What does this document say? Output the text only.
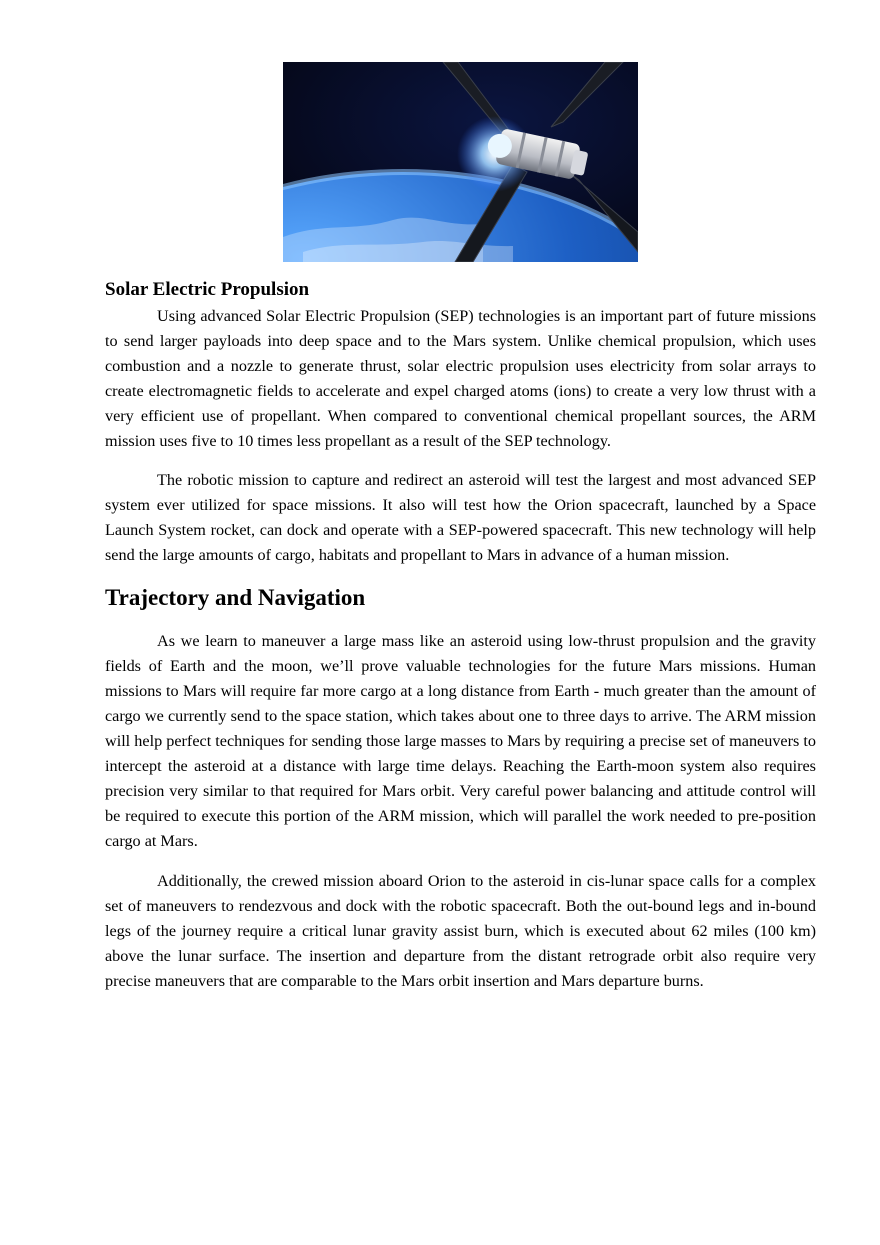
Solar Electric Propulsion

Using advanced Solar Electric Propulsion (SEP) technologies is an important part of future missions to send larger payloads into deep space and to the Mars system. Unlike chemical propulsion, which uses combustion and a nozzle to generate thrust, solar electric propulsion uses electricity from solar arrays to create electromagnetic fields to accelerate and expel charged atoms (ions) to create a very low thrust with a very efficient use of propellant. When compared to conventional chemical propellant sources, the ARM mission uses five to 10 times less propellant as a result of the SEP technology.

The robotic mission to capture and redirect an asteroid will test the largest and most advanced SEP system ever utilized for space missions. It also will test how the Orion spacecraft, launched by a Space Launch System rocket, can dock and operate with a SEP-powered spacecraft. This new technology will help send the large amounts of cargo, habitats and propellant to Mars in advance of a human mission.

Trajectory and Navigation

As we learn to maneuver a large mass like an asteroid using low-thrust propulsion and the gravity fields of Earth and the moon, we’ll prove valuable technologies for the future Mars missions. Human missions to Mars will require far more cargo at a long distance from Earth - much greater than the amount of cargo we currently send to the space station, which takes about one to three days to arrive. The ARM mission will help perfect techniques for sending those large masses to Mars by requiring a precise set of maneuvers to intercept the asteroid at a distance with large time delays. Reaching the Earth-moon system also requires precision very similar to that required for Mars orbit. Very careful power balancing and attitude control will be required to execute this portion of the ARM mission, which will parallel the work needed to pre-position cargo at Mars.

Additionally, the crewed mission aboard Orion to the asteroid in cis-lunar space calls for a complex set of maneuvers to rendezvous and dock with the robotic spacecraft. Both the out-bound legs and in-bound legs of the journey require a critical lunar gravity assist burn, which is executed about 62 miles (100 km) above the lunar surface. The insertion and departure from the distant retrograde orbit also require very precise maneuvers that are comparable to the Mars orbit insertion and Mars departure burns.
